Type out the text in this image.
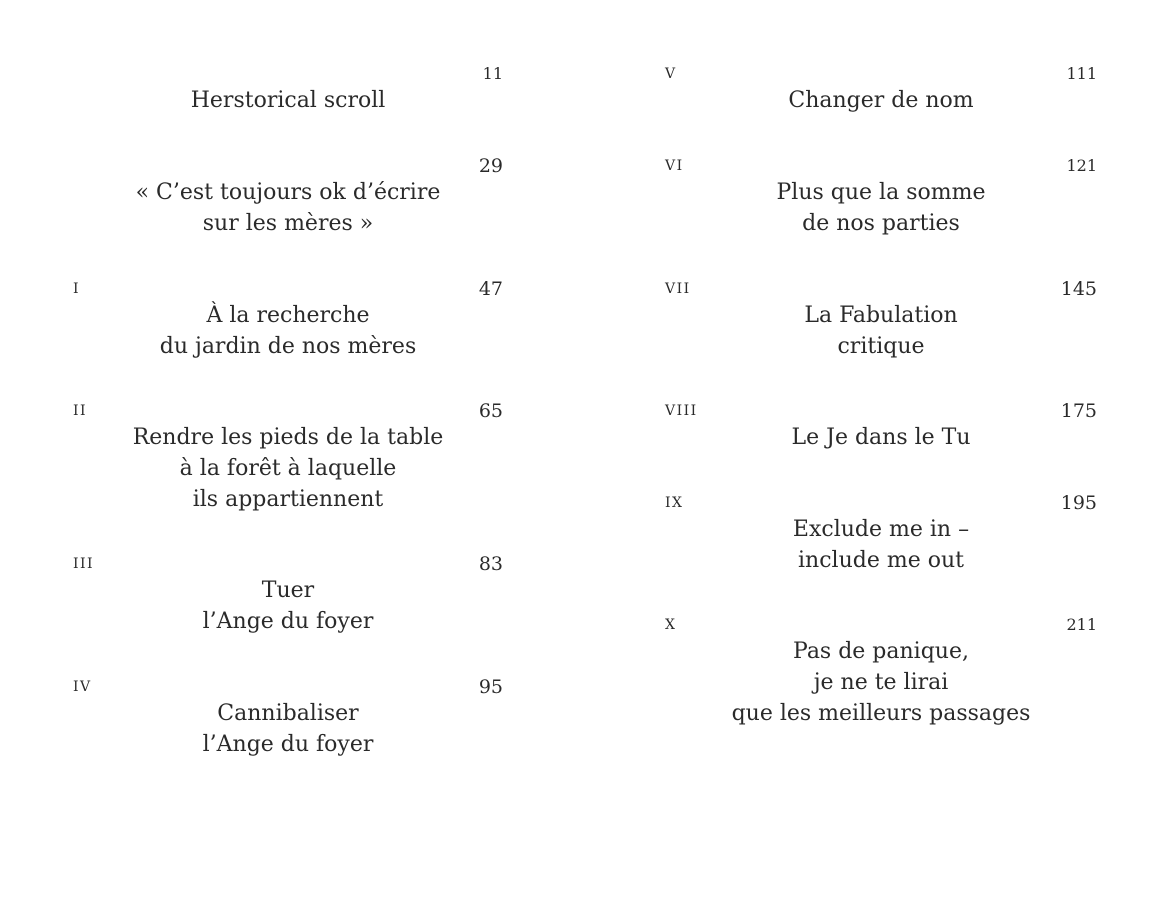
11
Herstorical scroll
29
« C’est toujours ok d’écrire
sur les mères »
I	47
À la recherche
du jardin de nos mères
II	65
Rendre les pieds de la table
à la forêt à laquelle
ils appartiennent
III	83
Tuer
l’Ange du foyer
IV	95
Cannibaliser
l’Ange du foyer
V	111
Changer de nom
VI	121
Plus que la somme
de nos parties
VII	145
La Fabulation
critique
VIII	175
Le Je dans le Tu
IX	195
Exclude me in –
include me out
X	211
Pas de panique,
je ne te lirai
que les meilleurs passages
